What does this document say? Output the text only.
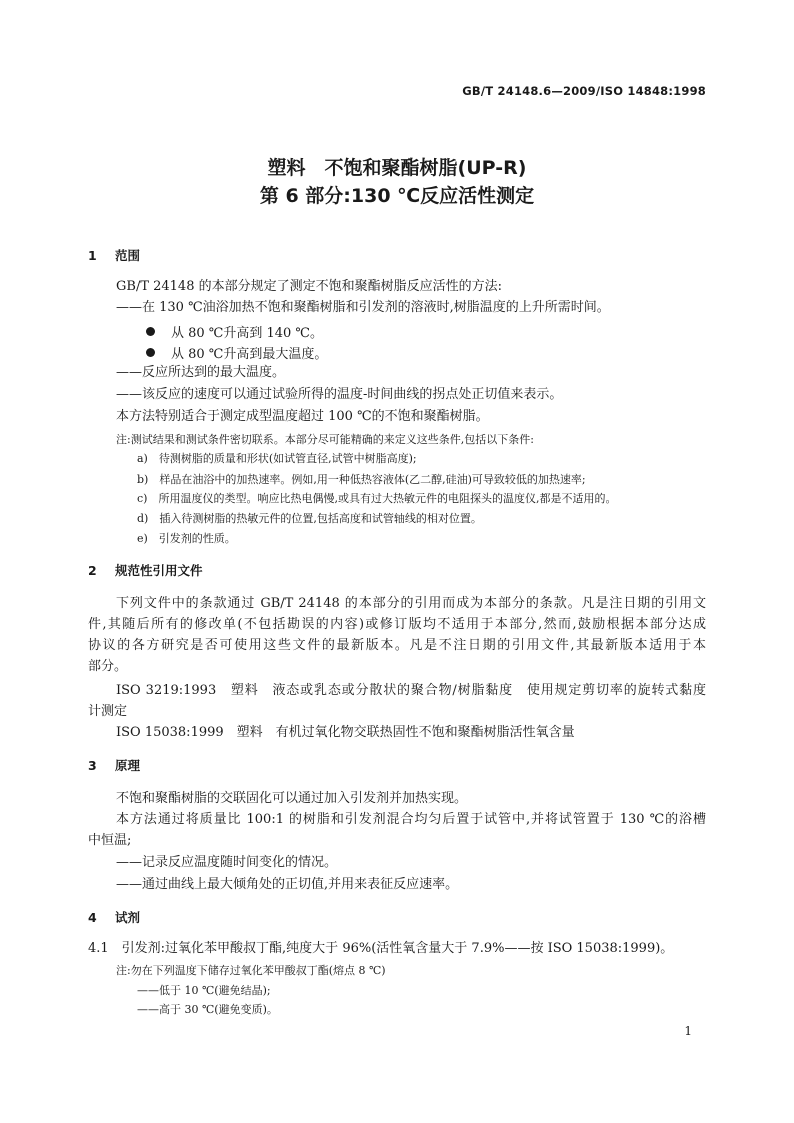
GB/T 24148.6—2009/ISO 14848:1998
塑料　不饱和聚酯树脂(UP-R)
第 6 部分:130 ℃反应活性测定
1 范围
GB/T 24148 的本部分规定了测定不饱和聚酯树脂反应活性的方法:
——在 130 ℃油浴加热不饱和聚酯树脂和引发剂的溶液时,树脂温度的上升所需时间。
从 80 ℃升高到 140 ℃。
从 80 ℃升高到最大温度。
——反应所达到的最大温度。
——该反应的速度可以通过试验所得的温度-时间曲线的拐点处正切值来表示。
本方法特别适合于测定成型温度超过 100 ℃的不饱和聚酯树脂。
注:测试结果和测试条件密切联系。本部分尽可能精确的来定义这些条件,包括以下条件:
a)　待测树脂的质量和形状(如试管直径,试管中树脂高度);
b)　样品在油浴中的加热速率。例如,用一种低热容液体(乙二醇,硅油)可导致较低的加热速率;
c)　所用温度仪的类型。响应比热电偶慢,或具有过大热敏元件的电阻探头的温度仪,都是不适用的。
d)　插入待测树脂的热敏元件的位置,包括高度和试管轴线的相对位置。
e)　引发剂的性质。
2 规范性引用文件
下列文件中的条款通过 GB/T 24148 的本部分的引用而成为本部分的条款。凡是注日期的引用文
件,其随后所有的修改单(不包括勘误的内容)或修订版均不适用于本部分,然而,鼓励根据本部分达成
协议的各方研究是否可使用这些文件的最新版本。凡是不注日期的引用文件,其最新版本适用于本
部分。
ISO 3219:1993　塑料　液态或乳态或分散状的聚合物/树脂黏度　使用规定剪切率的旋转式黏度
计测定
ISO 15038:1999　塑料　有机过氧化物交联热固性不饱和聚酯树脂活性氧含量
3 原理
不饱和聚酯树脂的交联固化可以通过加入引发剂并加热实现。
本方法通过将质量比 100:1 的树脂和引发剂混合均匀后置于试管中,并将试管置于 130 ℃的浴槽
中恒温;
——记录反应温度随时间变化的情况。
——通过曲线上最大倾角处的正切值,并用来表征反应速率。
4 试剂
4.1　引发剂:过氧化苯甲酸叔丁酯,纯度大于 96%(活性氧含量大于 7.9%——按 ISO 15038:1999)。
注:勿在下列温度下储存过氧化苯甲酸叔丁酯(熔点 8 ℃)
——低于 10 ℃(避免结晶);
——高于 30 ℃(避免变质)。
1
